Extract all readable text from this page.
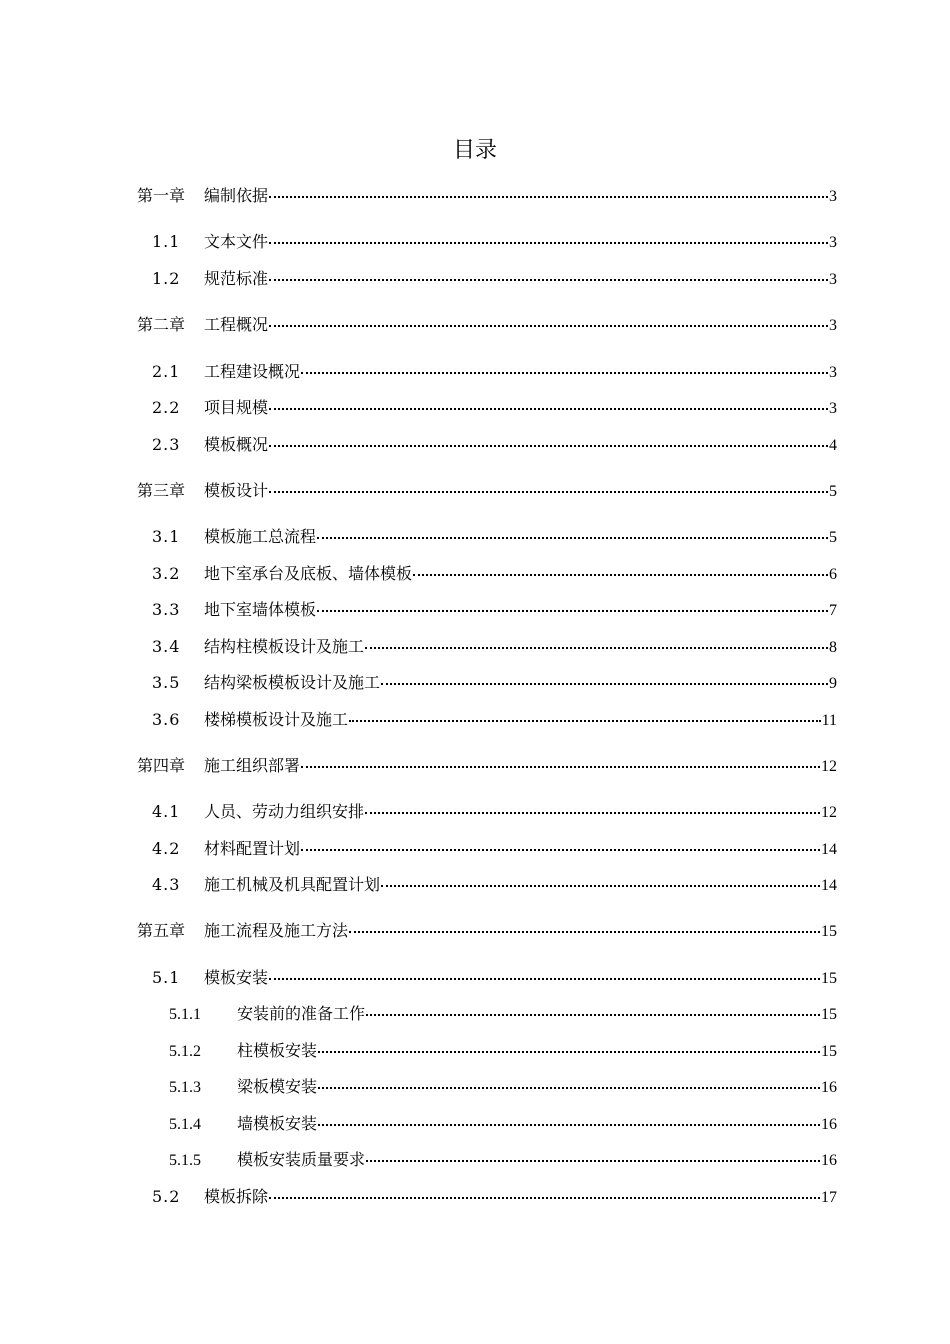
目录
第一章	编制依据	3
1.1	文本文件	3
1.2	规范标准	3
第二章	工程概况	3
2.1	工程建设概况	3
2.2	项目规模	3
2.3	模板概况	4
第三章	模板设计	5
3.1	模板施工总流程	5
3.2	地下室承台及底板、墙体模板	6
3.3	地下室墙体模板	7
3.4	结构柱模板设计及施工	8
3.5	结构梁板模板设计及施工	9
3.6	楼梯模板设计及施工	11
第四章	施工组织部署	12
4.1	人员、劳动力组织安排	12
4.2	材料配置计划	14
4.3	施工机械及机具配置计划	14
第五章	施工流程及施工方法	15
5.1	模板安装	15
5.1.1	安装前的准备工作	15
5.1.2	柱模板安装	15
5.1.3	梁板模安装	16
5.1.4	墙模板安装	16
5.1.5	模板安装质量要求	16
5.2	模板拆除	17
